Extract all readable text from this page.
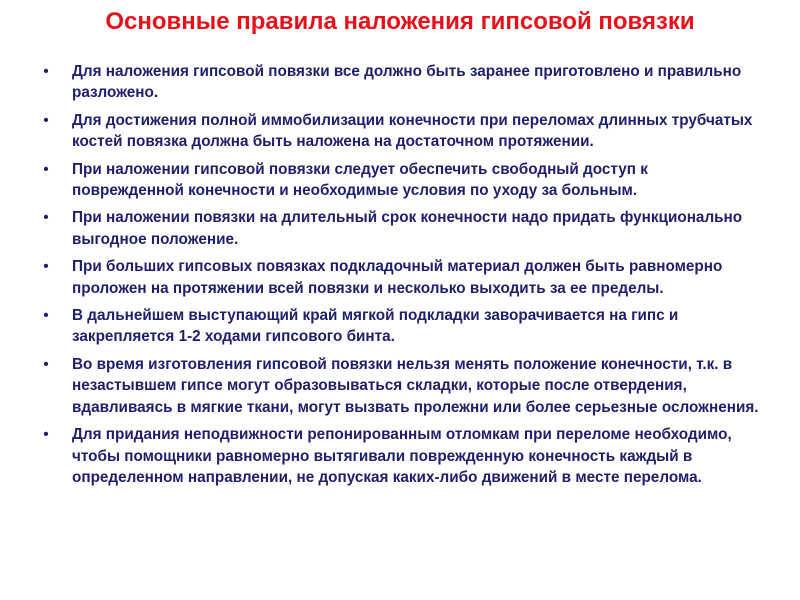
Основные правила наложения гипсовой повязки
• Для наложения гипсовой повязки все должно быть заранее приготовлено и правильно разложено.
• Для достижения полной иммобилизации конечности при переломах длинных трубчатых костей повязка должна быть наложена на достаточном протяжении.
• При наложении гипсовой повязки следует обеспечить свободный доступ к поврежденной конечности и необходимые условия по уходу за больным.
• При наложении повязки на длительный срок конечности надо придать функционально выгодное положение.
• При больших гипсовых повязках подкладочный материал должен быть равномерно проложен на протяжении всей повязки и несколько выходить за ее пределы.
• В дальнейшем выступающий край мягкой подкладки заворачивается на гипс и закрепляется 1-2 ходами гипсового бинта.
• Во время изготовления гипсовой повязки нельзя менять положение конечности, т.к. в незастывшем гипсе могут образовываться складки, которые после отвердения, вдавливаясь в мягкие ткани, могут вызвать пролежни или более серьезные осложнения.
• Для придания неподвижности репонированным отломкам при переломе необходимо, чтобы помощники равномерно вытягивали поврежденную конечность каждый в определенном направлении, не допуская каких-либо движений в месте перелома.
